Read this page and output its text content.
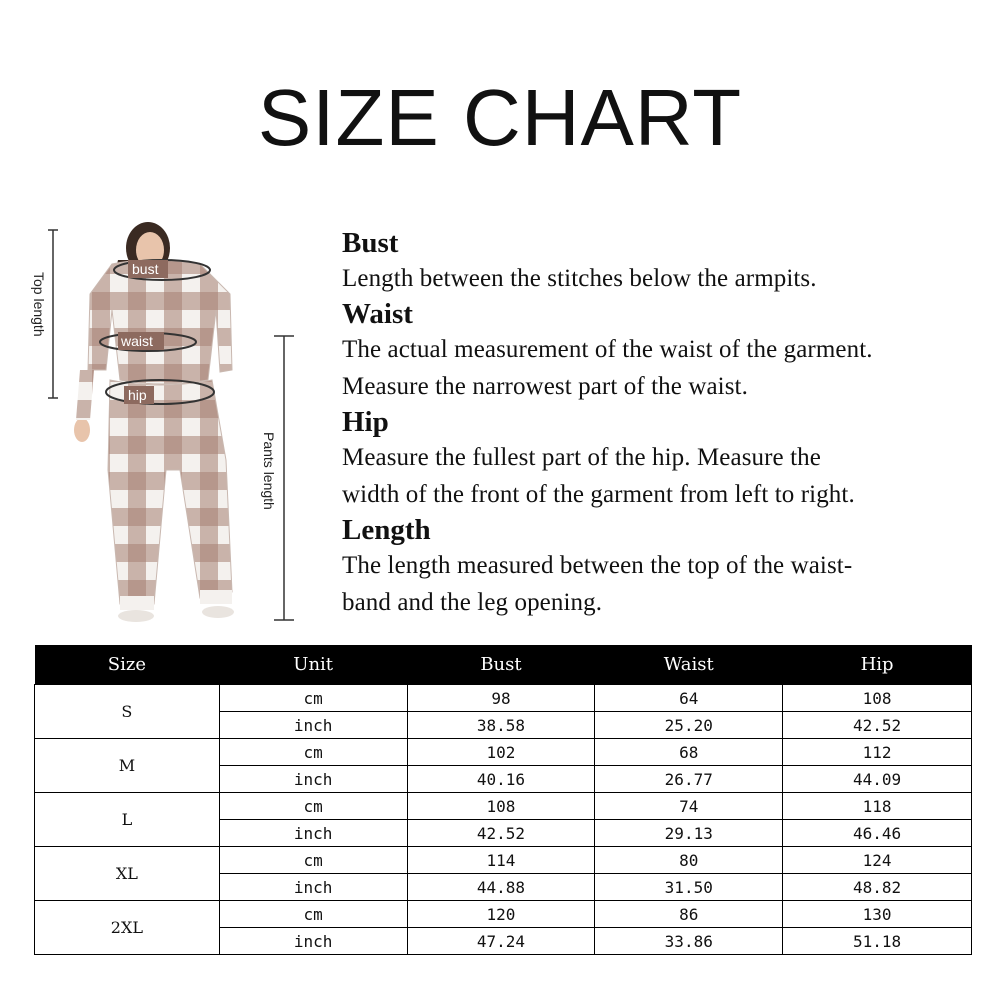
SIZE CHART
Top length
Pants length
bust
waist
hip

Bust

Length between the stitches below the armpits.

Waist

The actual measurement of the waist of the garment.

Measure the narrowest part of the waist.

Hip

Measure the fullest part of the hip. Measure the

width of the front of the garment from left to right.

Length

The length measured between the top of the waist-

band and the leg opening.

Size	Unit	Bust	Waist	Hip
S	cm	98	64	108
	inch	38.58	25.20	42.52
M	cm	102	68	112
	inch	40.16	26.77	44.09
L	cm	108	74	118
	inch	42.52	29.13	46.46
XL	cm	114	80	124
	inch	44.88	31.50	48.82
2XL	cm	120	86	130
	inch	47.24	33.86	51.18
